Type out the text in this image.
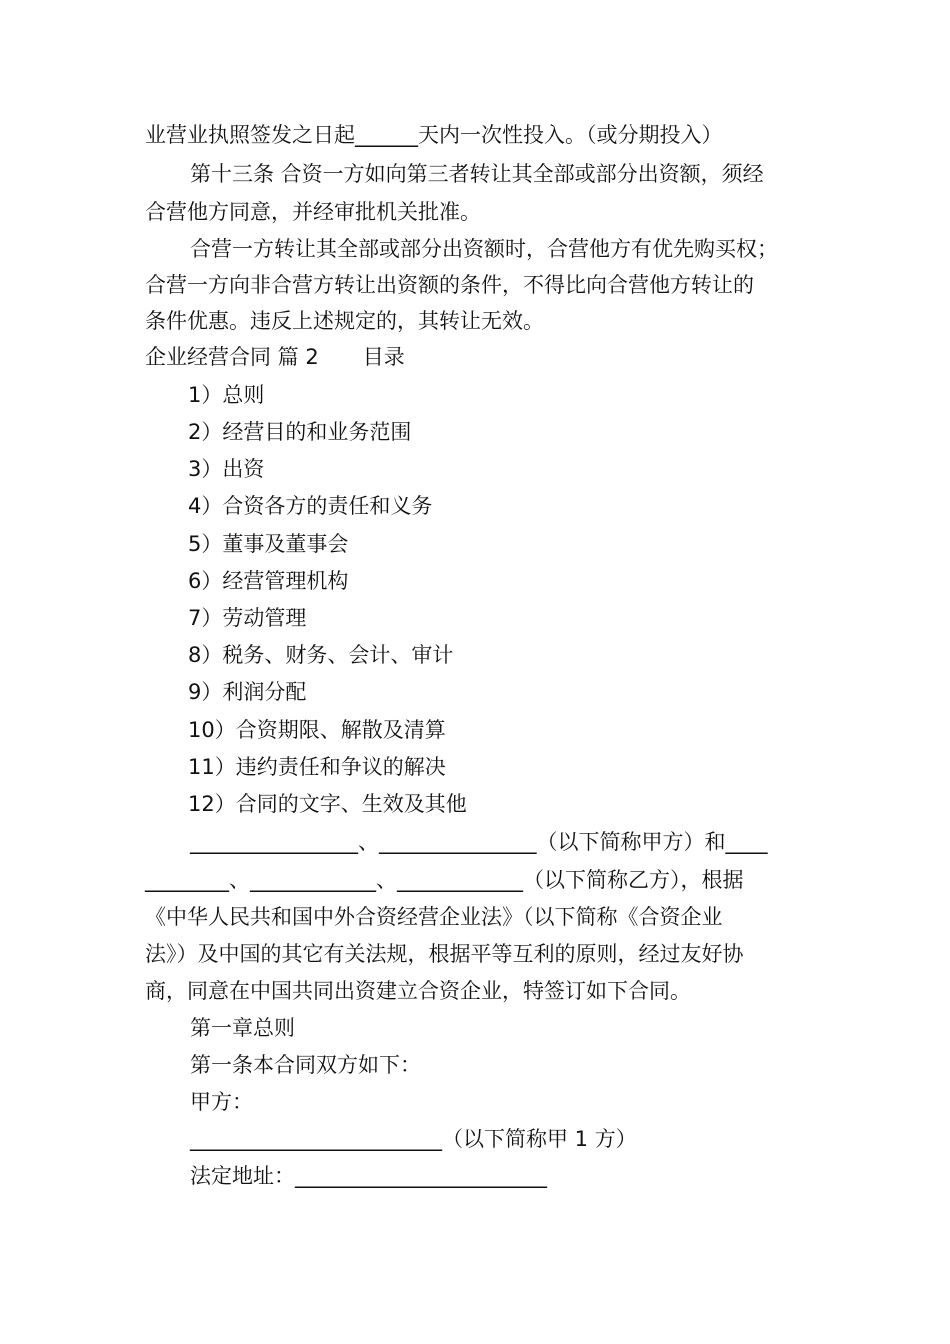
业营业执照签发之日起______天内一次性投入。（或分期投入）
第十三条 合资一方如向第三者转让其全部或部分出资额，须经
合营他方同意，并经审批机关批准。
合营一方转让其全部或部分出资额时，合营他方有优先购买权；
合营一方向非合营方转让出资额的条件，不得比向合营他方转让的
条件优惠。违反上述规定的，其转让无效。
企业经营合同 篇 2 目录
1）总则
2）经营目的和业务范围
3）出资
4）合资各方的责任和义务
5）董事及董事会
6）经营管理机构
7）劳动管理
8）税务、财务、会计、审计
9）利润分配
10）合资期限、解散及清算
11）违约责任和争议的解决
12）合同的文字、生效及其他
________________、_______________（以下简称甲方）和____
________、____________、____________（以下简称乙方），根据
《中华人民共和国中外合资经营企业法》（以下简称《合资企业
法》）及中国的其它有关法规，根据平等互利的原则，经过友好协
商，同意在中国共同出资建立合资企业，特签订如下合同。
第一章总则
第一条本合同双方如下：
甲方：
________________________（以下简称甲 1 方）
法定地址：________________________
